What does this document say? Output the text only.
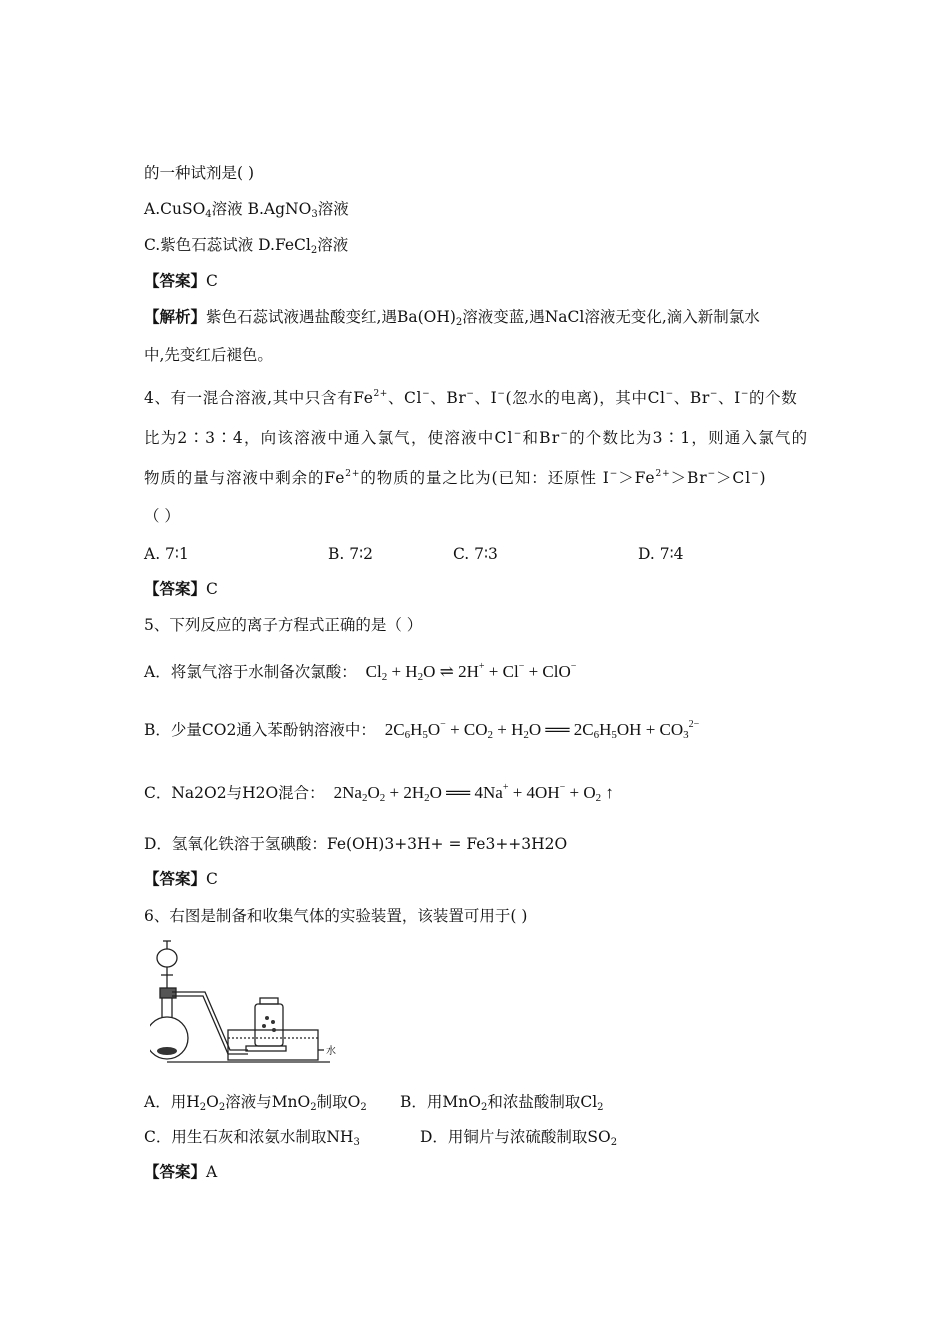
的一种试剂是( )
A.CuSO$_4$溶液 B.AgNO$_3$溶液
C.紫色石蕊试液 D.FeCl$_2$溶液
【答案】C
【解析】紫色石蕊试液遇盐酸变红,遇$Ba(OH)_2$溶液变蓝,遇NaCl溶液无变化,滴入新制氯水
中,先变红后褪色。
4、有一混合溶液,其中只含有$Fe^{2+}$、Cl−、Br−、I−(忽水的电离)，其中Cl−、Br−、I−的个数
比为2∶3∶4，向该溶液中通入氯气，使溶液中Cl−和Br−的个数比为3∶1，则通入氯气的
物质的量与溶液中剩余的$Fe^{2+}$的物质的量之比为(已知：还原性 $I^->Fe^{2+}>Br^->Cl^-$)
（ ）
A. 7∶1	B. 7∶2	C. 7∶3	D. 7∶4
【答案】C
5、下列反应的离子方程式正确的是（ ）
A．将氯气溶于水制备次氯酸： Cl2 + H2O ⇌ 2H+ + Cl− + ClO−
B．少量CO2通入苯酚钠溶液中： 2C6H5O− + CO2 + H2O ══ $2C6H5OH + CO3^{2-}$
C．Na2O2与H2O混合： 2Na2O2 + 2H2O ══ 4Na+ + 4OH− + O2 ↑
D．氢氧化铁溶于氢碘酸：Fe(OH)3+3H+ = Fe3++3H2O
【答案】C
6、右图是制备和收集气体的实验装置，该装置可用于( )
水
A．用$H_2O_2$溶液与MnO$_2$制取$O_2$ B．用MnO$_2$和浓盐酸制取$Cl_2$
C．用生石灰和浓氨水制取$NH_3$	D．用铜片与浓硫酸制取$SO_2$
【答案】A
